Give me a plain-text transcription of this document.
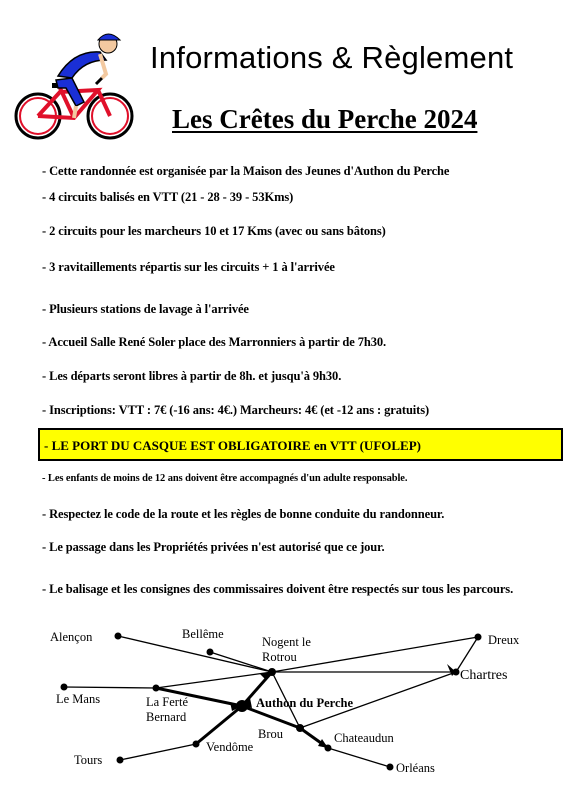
Informations & Règlement
Les Crêtes du Perche 2024
- Cette randonnée est organisée par la Maison des Jeunes d'Authon du Perche
- 4 circuits balisés en VTT (21 - 28 - 39 - 53Kms)
- 2 circuits pour les marcheurs 10 et 17 Kms (avec ou sans bâtons)
- 3 ravitaillements répartis sur les circuits + 1 à l'arrivée
- Plusieurs stations de lavage à l'arrivée
- Accueil Salle René Soler place des Marronniers à partir de 7h30.
- Les départs seront libres à partir de 8h. et jusqu'à 9h30.
- Inscriptions: VTT : 7€ (-16 ans: 4€.) Marcheurs: 4€ (et -12 ans : gratuits)
- LE PORT DU CASQUE EST OBLIGATOIRE en VTT (UFOLEP)
- Les enfants de moins de 12 ans doivent être accompagnés d'un adulte responsable.
- Respectez le code de la route et les règles de bonne conduite du randonneur.
- Le passage dans les Propriétés privées n'est autorisé que ce jour.
- Le balisage et les consignes des commissaires doivent être respectés sur tous les parcours.
Alençon	Bellême
Nogent le
Rotrou
Dreux
Chartres
Le Mans	La Ferté
Bernard
Authon du Perche
Brou	Chateaudun
Vendôme
Tours
Orléans
